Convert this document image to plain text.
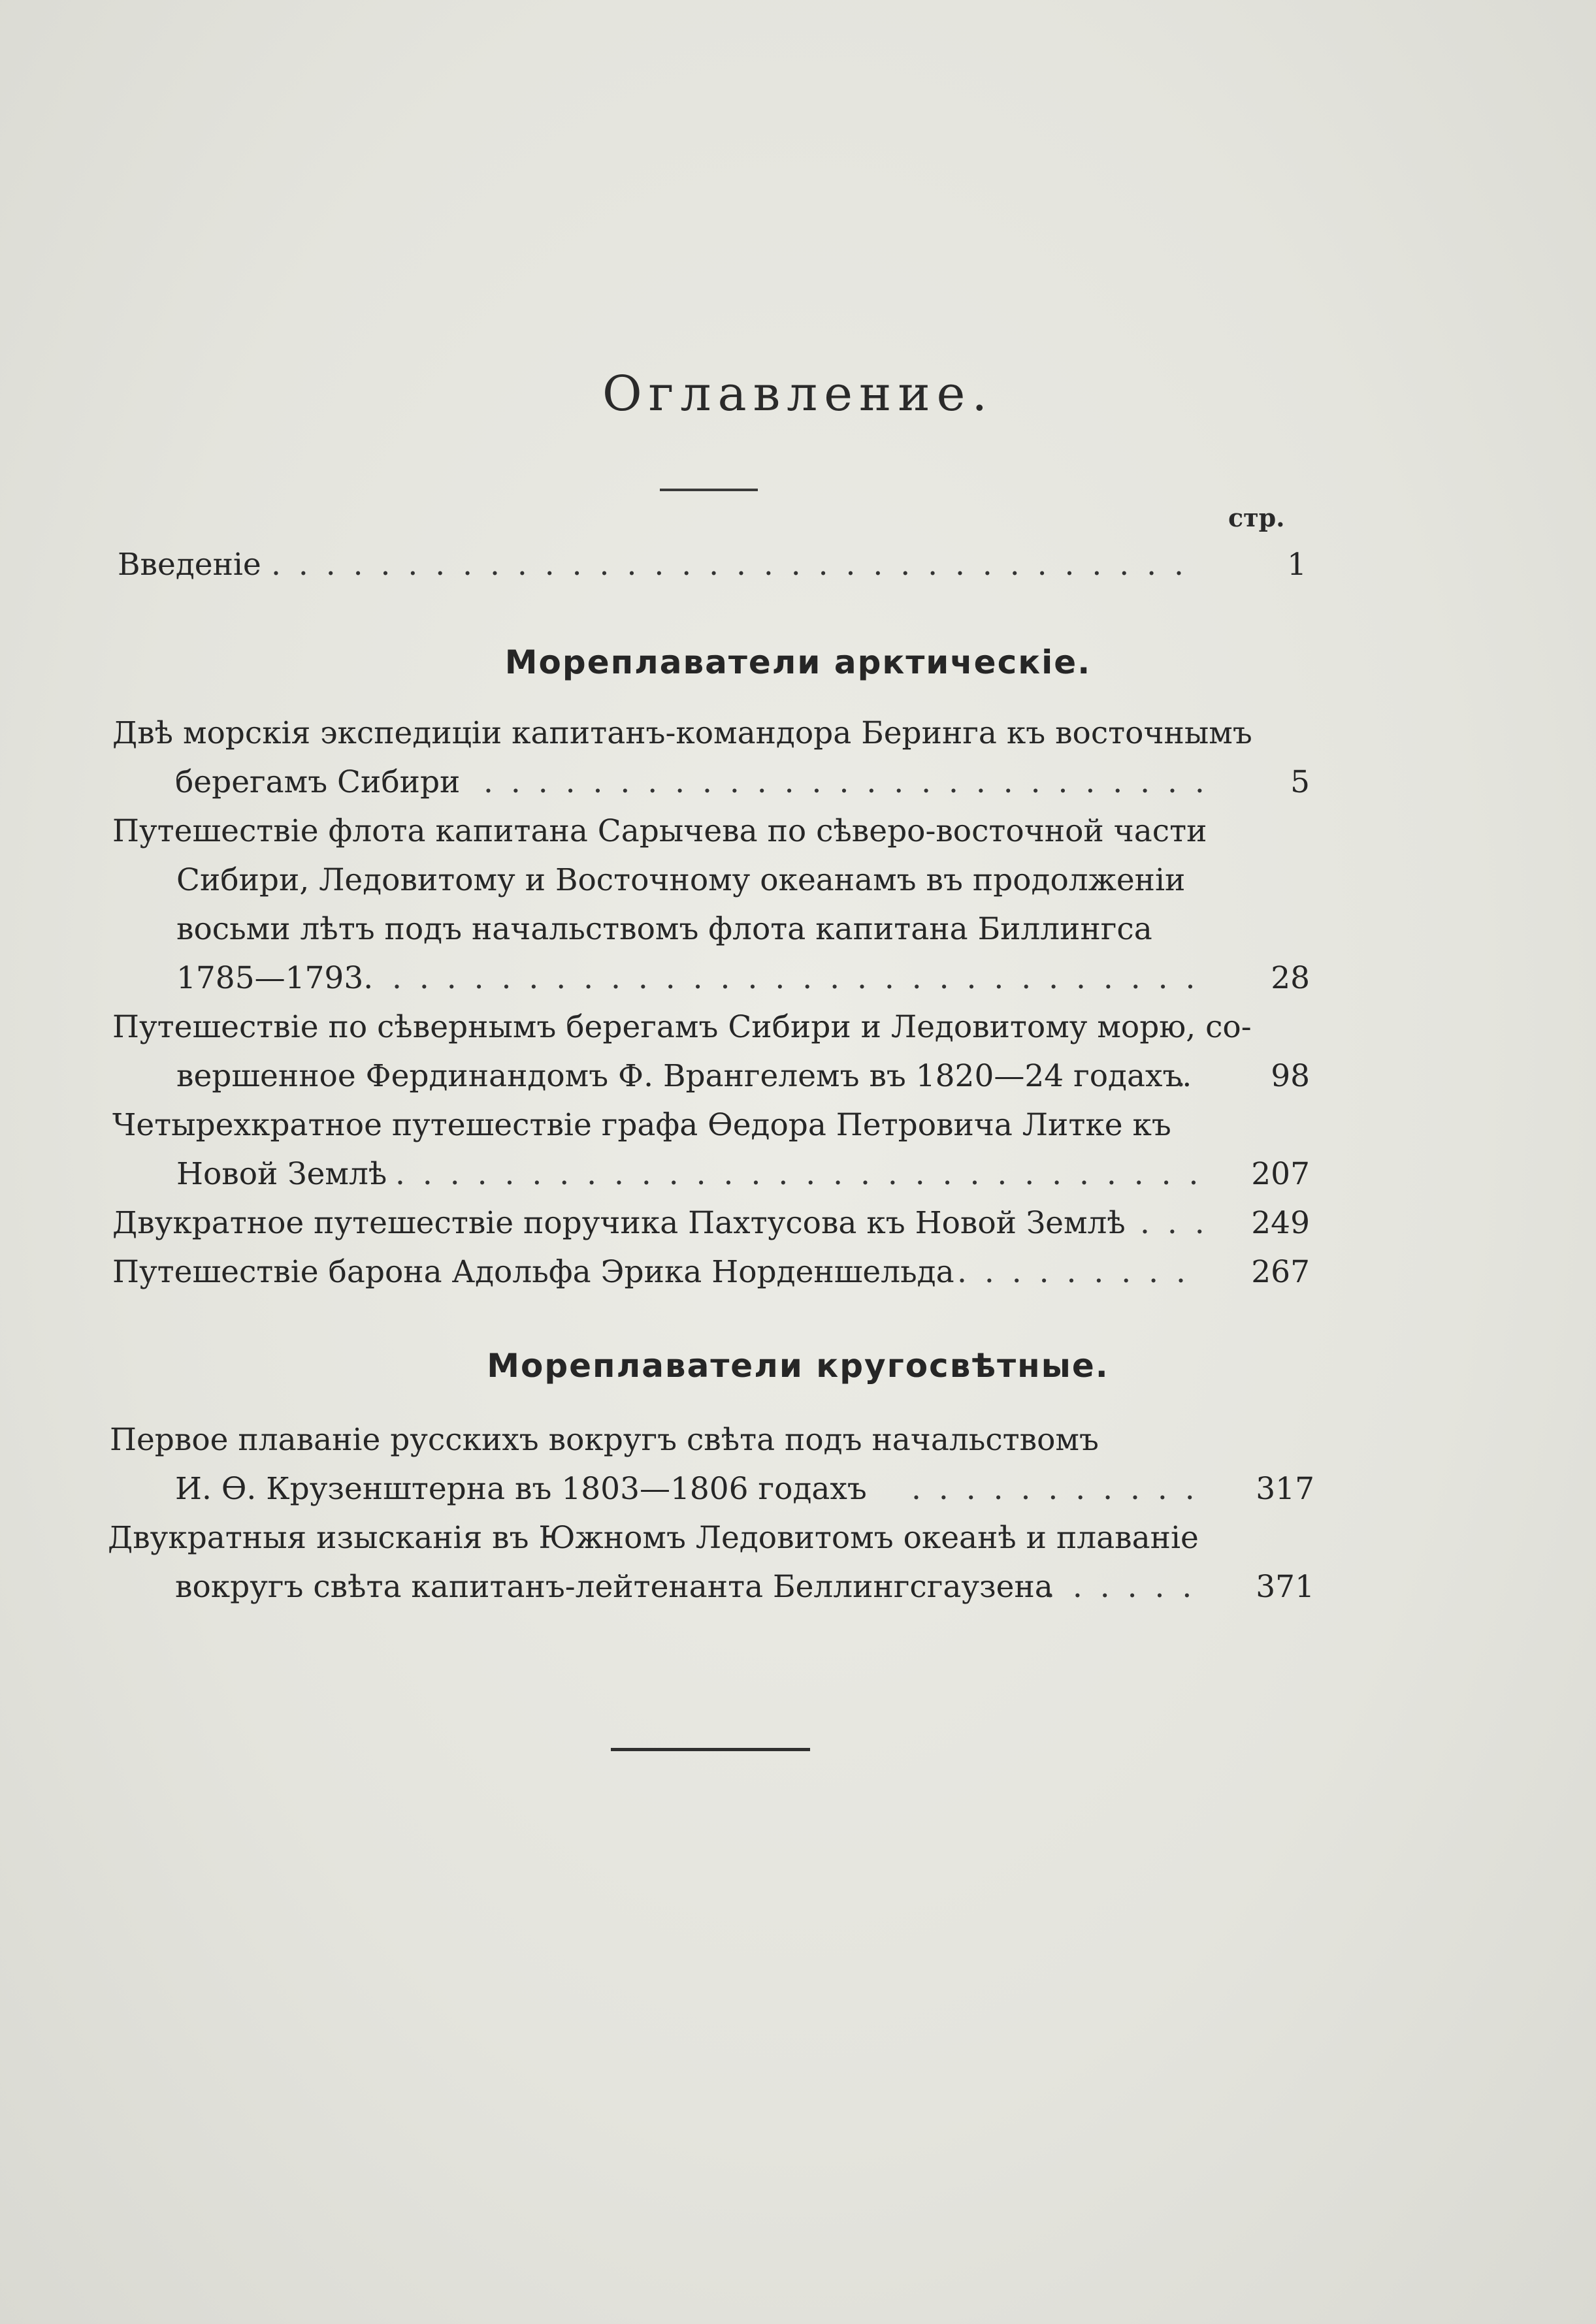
Оглавление.
стр.
Введеніе . . .	1
Мореплаватели арктическіе.
Двѣ морскія экспедиціи капитанъ-командора Беринга къ восточнымъ
берегамъ Сибири . . .	5
Путешествіе флота капитана Сарычева по сѣверо-восточной части
Сибири, Ледовитому и Восточному океанамъ въ продолженіи
восьми лѣтъ подъ начальствомъ флота капитана Биллингса
1785—1793. . . .	28
Путешествіе по сѣвернымъ берегамъ Сибири и Ледовитому морю, со-
вершенное Фердинандомъ Ф. Врангелемъ въ 1820—24 годахъ. . . .	98
Четырехкратное путешествіе графа Ѳедора Петровича Литке къ
Новой Землѣ . . .	207
Двукратное путешествіе поручика Пахтусова къ Новой Землѣ . . .	249
Путешествіе барона Адольфа Эрика Норденшельда . . .	267
Мореплаватели кругосвѣтные.
Первое плаваніе русскихъ вокругъ свѣта подъ начальствомъ
И. Ѳ. Крузенштерна въ 1803—1806 годахъ . . .	317
Двукратныя изысканія въ Южномъ Ледовитомъ океанѣ и плаваніе
вокругъ свѣта капитанъ-лейтенанта Беллингсгаузена . . .	371
